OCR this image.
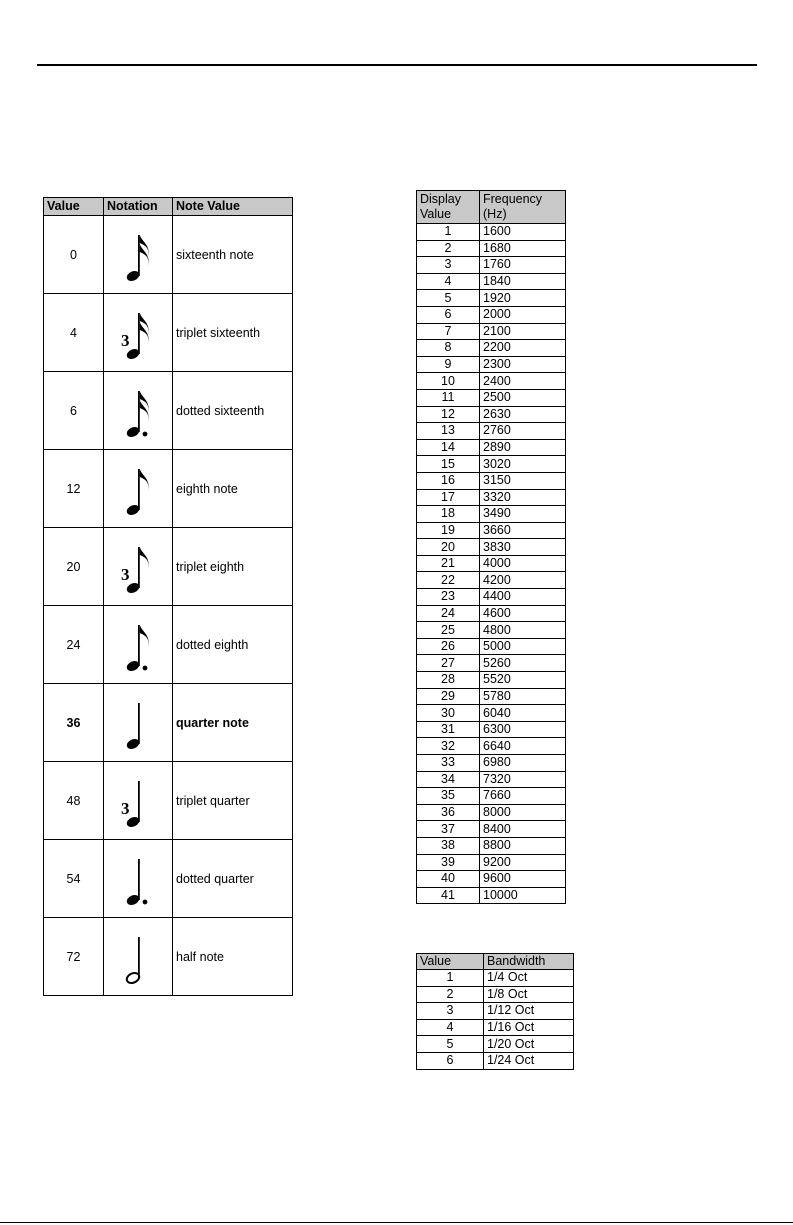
Value	Notation	Note Value
0		sixteenth note
4	3	triplet sixteenth
6		dotted sixteenth
12		eighth note
20	3	triplet eighth
24		dotted eighth
36		quarter note
48	3	triplet quarter
54		dotted quarter
72		half note
Display
Value	Frequency
(Hz)
1	1600
2	1680
3	1760
4	1840
5	1920
6	2000
7	2100
8	2200
9	2300
10	2400
11	2500
12	2630
13	2760
14	2890
15	3020
16	3150
17	3320
18	3490
19	3660
20	3830
21	4000
22	4200
23	4400
24	4600
25	4800
26	5000
27	5260
28	5520
29	5780
30	6040
31	6300
32	6640
33	6980
34	7320
35	7660
36	8000
37	8400
38	8800
39	9200
40	9600
41	10000
Value	Bandwidth
1	1/4 Oct
2	1/8 Oct
3	1/12 Oct
4	1/16 Oct
5	1/20 Oct
6	1/24 Oct
